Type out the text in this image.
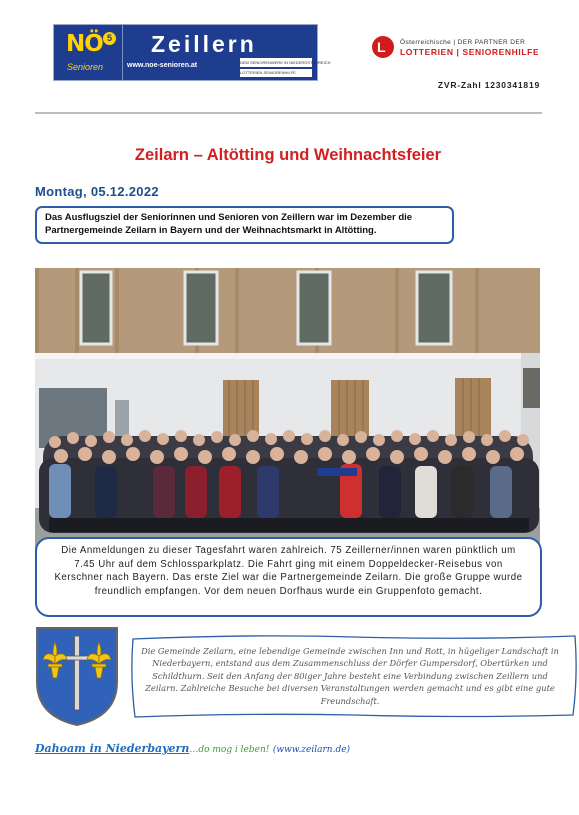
NÖ 5
Senioren
Zeillern
www.noe-senioren.at	DEM SENIORENWERK IN NIEDERÖSTERREICH
LOTTERIEN SENIORENHILFE
L	Österreichische | DER PARTNER DER
LOTTERIEN | SENIORENHILFE
ZVR-Zahl 1230341819
Zeilarn – Altötting und Weihnachtsfeier
Montag, 05.12.2022
Das Ausflugsziel der Seniorinnen und Senioren von Zeillern war im Dezember die Partnergemeinde Zeilarn in Bayern und der Weihnachtsmarkt in Altötting.
Die Anmeldungen zu dieser Tagesfahrt waren zahlreich. 75 Zeillerner/innen waren pünktlich um 7.45 Uhr auf dem Schlossparkplatz. Die Fahrt ging mit einem Doppeldecker-Reisebus von Kerschner nach Bayern. Das erste Ziel war die Partnergemeinde Zeilarn. Die große Gruppe wurde freundlich empfangen. Vor dem neuen Dorfhaus wurde ein Gruppenfoto gemacht.
Die Gemeinde Zeilarn, eine lebendige Gemeinde zwischen Inn und Rott, in hügeliger Landschaft in Niederbayern, entstand aus dem Zusammenschluss der Dörfer Gumpersdorf, Obertürken und Schildthurn. Seit den Anfang der 80iger Jahre besteht eine Verbindung zwischen Zeillern und Zeilarn. Zahlreiche Besuche bei diversen Veranstaltungen werden gemacht und es gibt eine gute Freundschaft.
Dahoam in Niederbayern…do mog i leben! (www.zeilarn.de)
